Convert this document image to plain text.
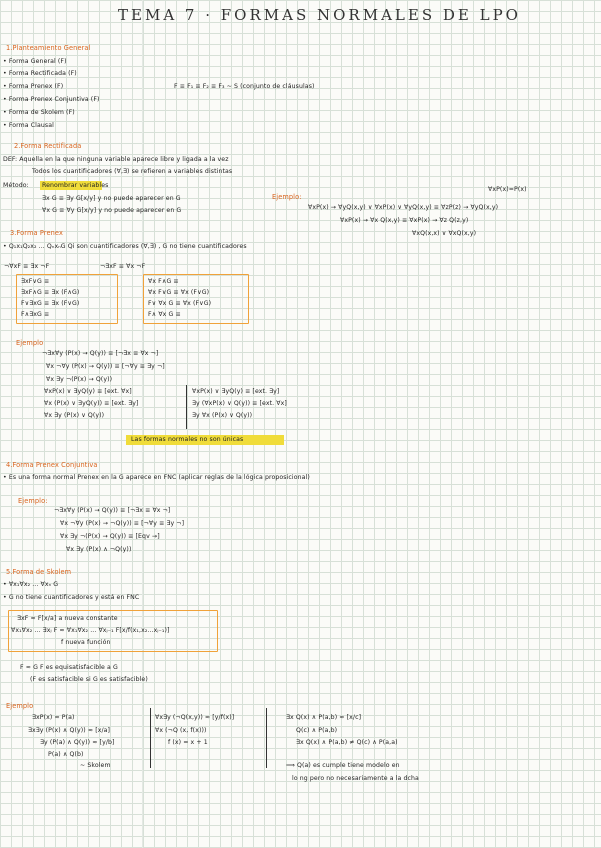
TEMA 7 · FORMAS NORMALES DE LPO
1.Planteamiento General
• Forma General (F)
• Forma Rectificada (F)
• Forma Prenex (F)
• Forma Prenex Conjuntiva (F)
• Forma de Skolem (F)
• Forma Clausal
F ≡ F₁ ≡ F₂ ≡ F₃ ~ S (conjunto de cláusulas)
2.Forma Rectificada
DEF: Aquella en la que ninguna variable aparece libre y ligada a la vez
Todos los cuantificadores (∀,∃) se refieren a variables distintas
Método: Renombrar variables
∃x G ≡ ∃y G[x/y] y no puede aparecer en G
∀x G ≡ ∀y G[x/y] y no puede aparecer en G
Ejemplo:
∀xP(x)=P(x)
∀xP(x) → ∀yQ(x,y) ∨ ∀xP(x) ∨ ∀yQ(x,y) ≡ ∀zP(z) → ∀yQ(x,y)
∀xP(x) → ∀x Q(x,y) ≡ ∀xP(x) → ∀z Q(z,y)
∀xQ(x,x) ∨ ∀xQ(x,y)
3.Forma Prenex
• Q₁x₁Q₂x₂ ... QₙxₙG Qi son cuantificadores (∀,∃) , G no tiene cuantificadores
¬∀xF ≡ ∃x ¬F	¬∃xF ≡ ∀x ¬F
∃xF∨G ≡
∃xF∧G ≡ ∃x (F∧G)
F∨∃xG ≡ ∃x (F∨G)
F∧∃xG ≡
∀x F∧G ≡
∀x F∨G ≡ ∀x (F∨G)
F∨ ∀x G ≡ ∀x (F∨G)
F∧ ∀x G ≡
Ejemplo
¬∃x∀y (P(x) → Q(y)) ≡ [¬∃x ≡ ∀x ¬]
∀x ¬∀y (P(x) → Q(y)) ≡ [¬∀y ≡ ∃y ¬]
∀x ∃y ¬(P(x) → Q(y))
∀xP(x) ∨ ∃yQ(y) ≡ [ext. ∀x]
∀x (P(x) ∨ ∃yQ(y)) ≡ [ext. ∃y]
∀x ∃y (P(x) ∨ Q(y))
∀xP(x) ∨ ∃yQ(y) ≡ [ext. ∃y]
∃y (∀xP(x) ∨ Q(y)) ≡ [ext. ∀x]
∃y ∀x (P(x) ∨ Q(y))
Las formas normales no son únicas
4.Forma Prenex Conjuntiva
• Es una forma normal Prenex en la G aparece en FNC (aplicar reglas de la lógica proposicional)
Ejemplo:
¬∃x∀y (P(x) → Q(y)) ≡ [¬∃x ≡ ∀x ¬]
∀x ¬∀y (P(x) → ¬Q(y)) ≡ [¬∀y ≡ ∃y ¬]
∀x ∃y ¬(P(x) → Q(y)) ≡ [Eqv →]
∀x ∃y (P(x) ∧ ¬Q(y))
5.Forma de Skolem
• ∀x₁∀x₂ ... ∀xₙ G
• G no tiene cuantificadores y está en FNC
∃xF ≈ F[x/a] a nueva constante
∀x₁∀x₂ ... ∃xⱼ F ≈ ∀x₁∀x₂ ... ∀xⱼ₋₁ F[x/f(x₁,x₂...xⱼ₋₁)]
f nueva función
F ≈ G F es equisatisfacible a G
(F es satisfacible si G es satisfacible)
Ejemplo
∃xP(x) ≈ P(a)
∃x∃y (P(x) ∧ Q(y)) ≈ [x/a]
∃y (P(a) ∧ Q(y)) ≈ [y/b]
P(a) ∧ Q(b)
~ Skolem
∀x∃y (¬Q(x,y)) ≈ [y/f(x)]
∀x (¬Q (x, f(x)))
f (x) = x + 1
∃x Q(x) ∧ P(a,b) ≈ [x/c]
Q(c) ∧ P(a,b)
∃x Q(x) ∧ P(a,b) ≠ Q(c) ∧ P(a,a)
⟹ Q(a) es cumple tiene modelo en
lo ng pero no necesariamente a la dcha
